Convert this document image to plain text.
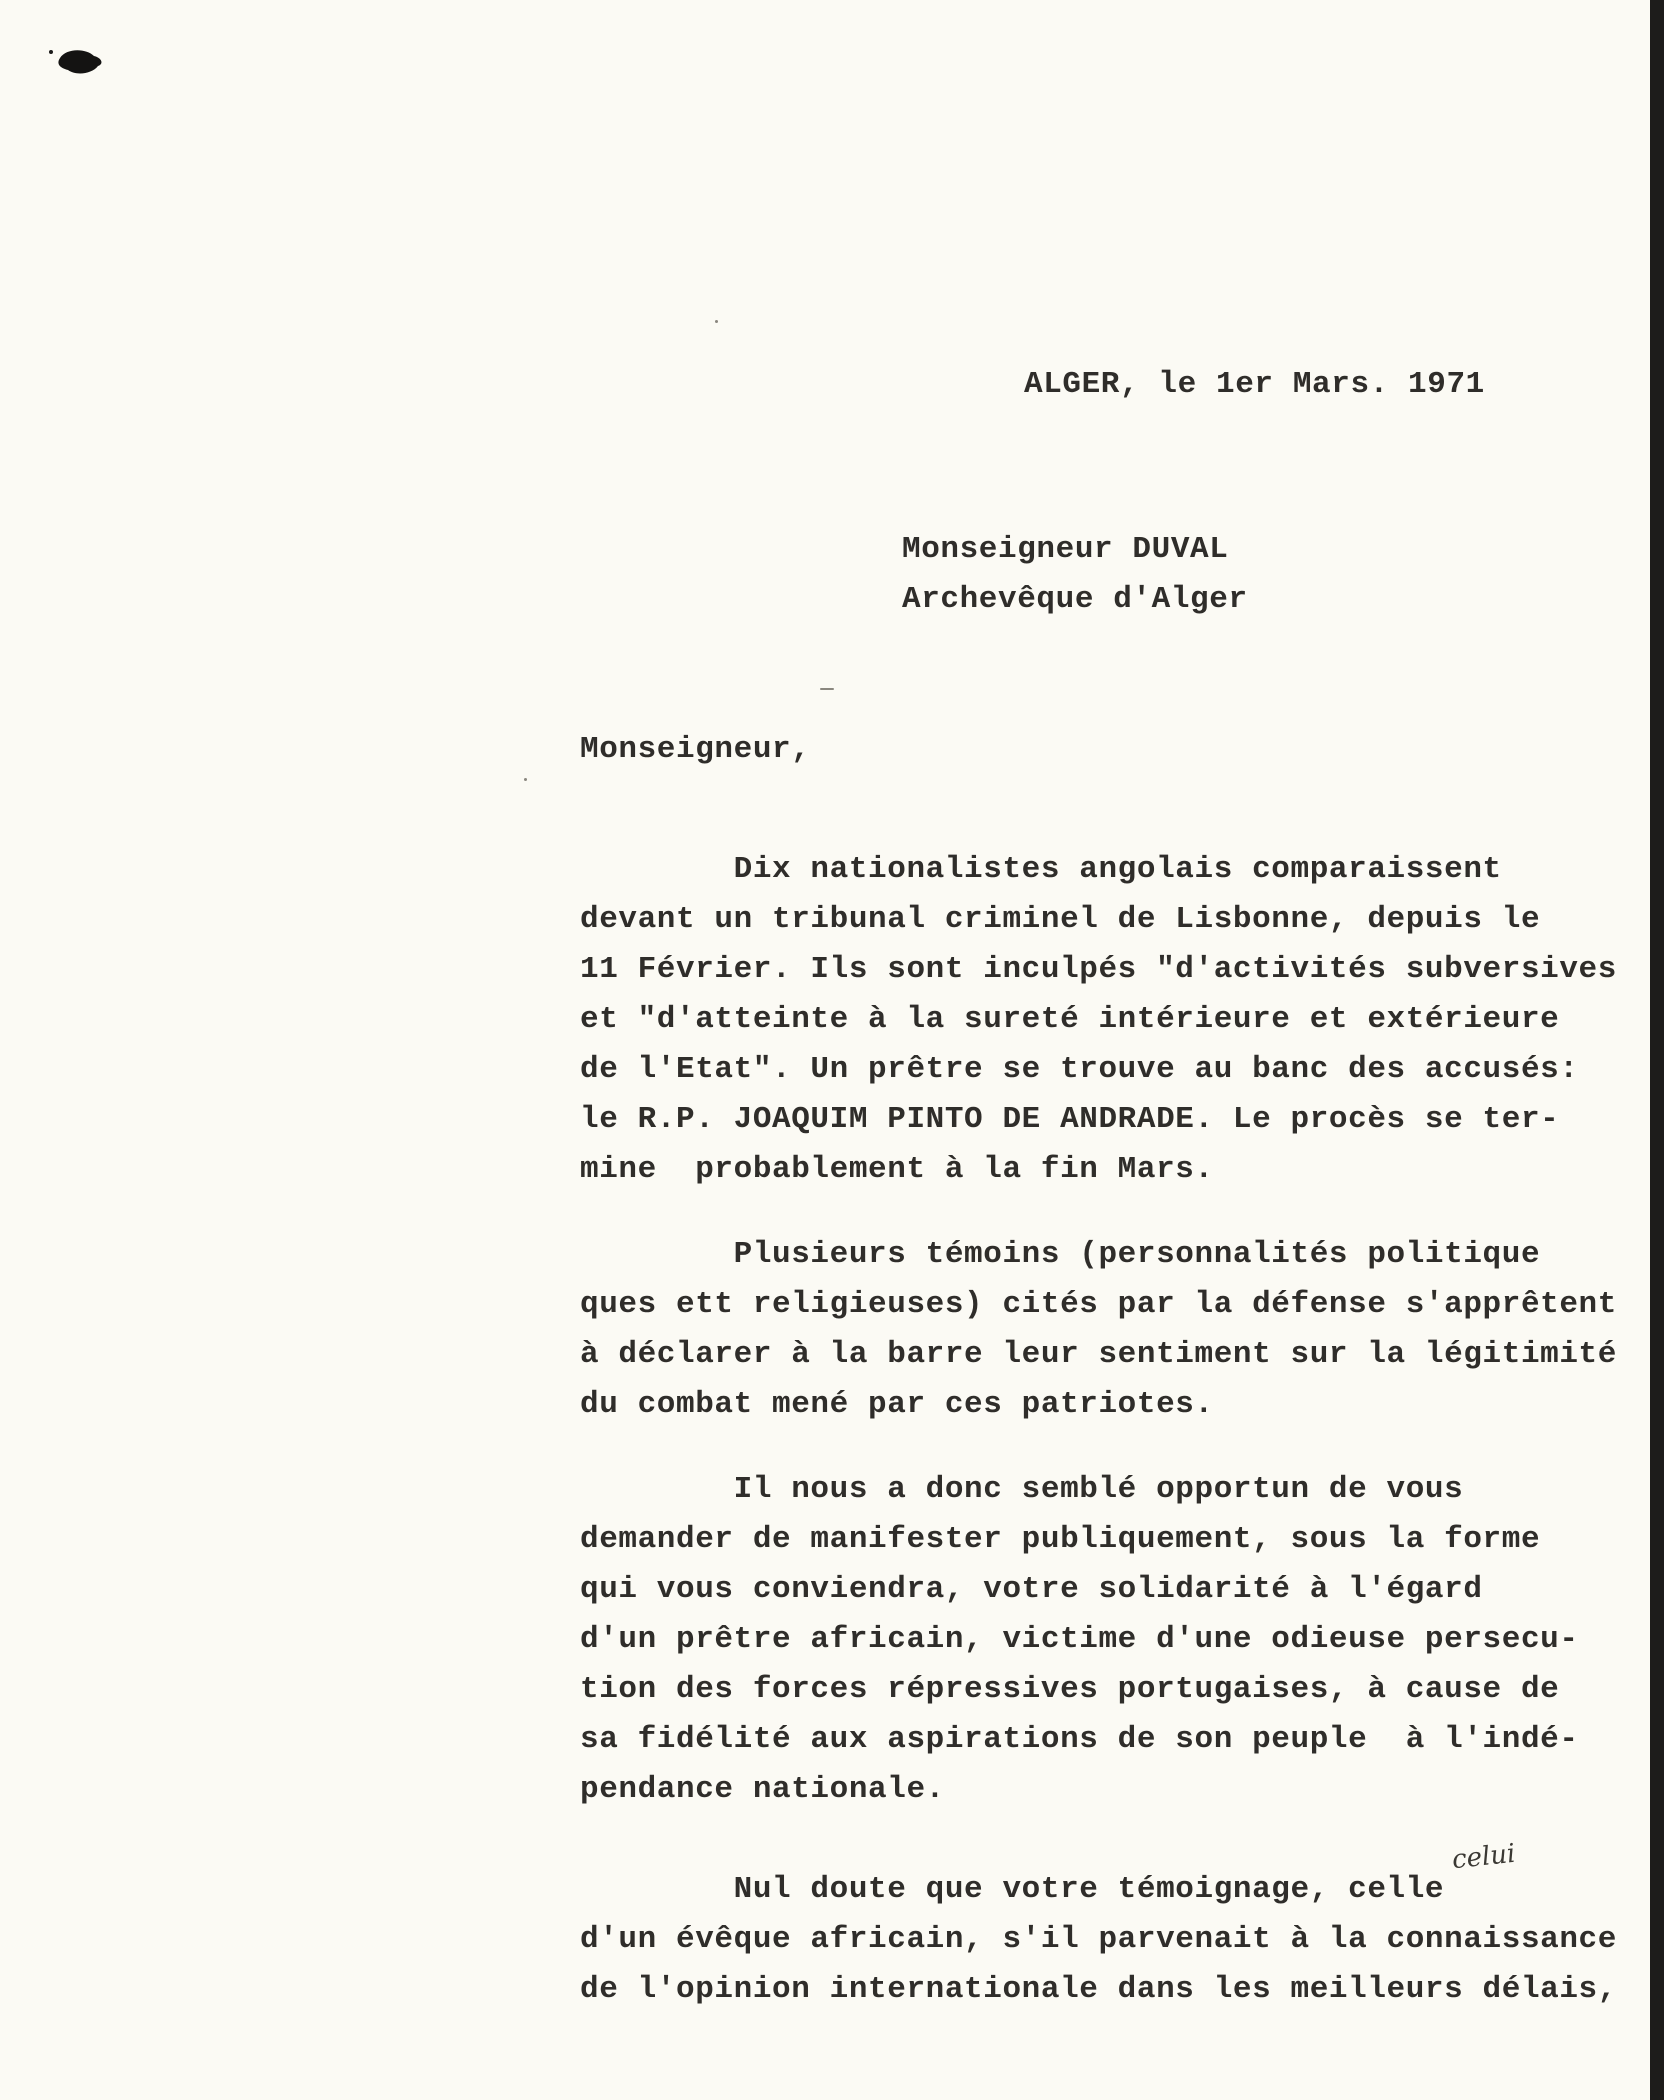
ALGER, le 1er Mars. 1971
Monseigneur DUVAL
Archevêque d'Alger
Monseigneur,
Dix nationalistes angolais comparaissent
devant un tribunal criminel de Lisbonne, depuis le
11 Février. Ils sont inculpés "d'activités subversives
et "d'atteinte à la sureté intérieure et extérieure
de l'Etat". Un prêtre se trouve au banc des accusés:
le R.P. JOAQUIM PINTO DE ANDRADE. Le procès se ter-
mine  probablement à la fin Mars.
Plusieurs témoins (personnalités politique
ques ett religieuses) cités par la défense s'apprêtent
à déclarer à la barre leur sentiment sur la légitimité
du combat mené par ces patriotes.
Il nous a donc semblé opportun de vous
demander de manifester publiquement, sous la forme
qui vous conviendra, votre solidarité à l'égard
d'un prêtre africain, victime d'une odieuse persecu-
tion des forces répressives portugaises, à cause de
sa fidélité aux aspirations de son peuple  à l'indé-
pendance nationale.
celui
Nul doute que votre témoignage, celle
d'un évêque africain, s'il parvenait à la connaissance
de l'opinion internationale dans les meilleurs délais,
